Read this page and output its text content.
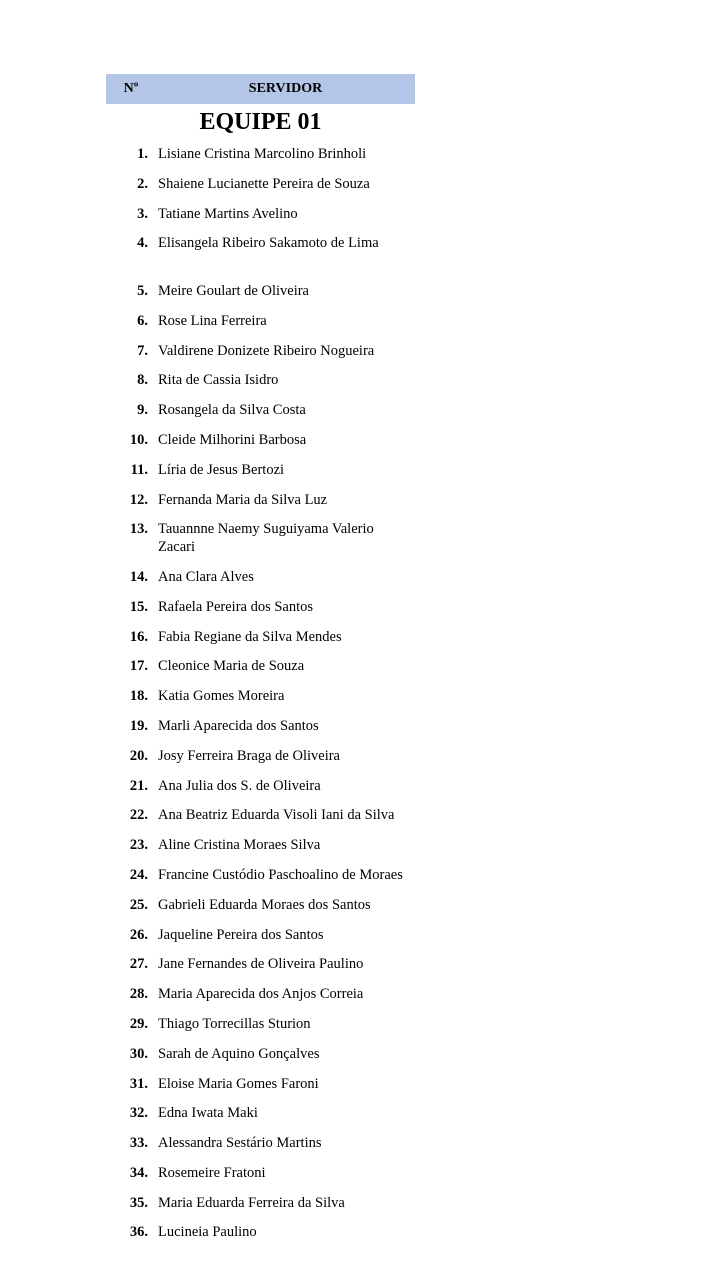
Nº	SERVIDOR
EQUIPE 01
1. Lisiane Cristina Marcolino Brinholi
2. Shaiene Lucianette Pereira de Souza
3. Tatiane Martins Avelino
4. Elisangela Ribeiro Sakamoto de Lima
5. Meire Goulart de Oliveira
6. Rose Lina Ferreira
7. Valdirene Donizete Ribeiro Nogueira
8. Rita de Cassia Isidro
9. Rosangela da Silva Costa
10. Cleide Milhorini Barbosa
11. Líria de Jesus Bertozi
12. Fernanda Maria da Silva Luz
13. Tauannne Naemy Suguiyama Valerio Zacari
14. Ana Clara Alves
15. Rafaela Pereira dos Santos
16. Fabia Regiane da Silva Mendes
17. Cleonice Maria de Souza
18. Katia Gomes Moreira
19. Marli Aparecida dos Santos
20. Josy Ferreira Braga de Oliveira
21. Ana Julia dos S. de Oliveira
22. Ana Beatriz Eduarda Visoli Iani da Silva
23. Aline Cristina Moraes Silva
24. Francine Custódio Paschoalino de Moraes
25. Gabrieli Eduarda Moraes dos Santos
26. Jaqueline Pereira dos Santos
27. Jane Fernandes de Oliveira Paulino
28. Maria Aparecida dos Anjos Correia
29. Thiago Torrecillas Sturion
30. Sarah de Aquino Gonçalves
31. Eloise Maria Gomes Faroni
32. Edna Iwata Maki
33. Alessandra Sestário Martins
34. Rosemeire Fratoni
35. Maria Eduarda Ferreira da Silva
36. Lucineia Paulino
